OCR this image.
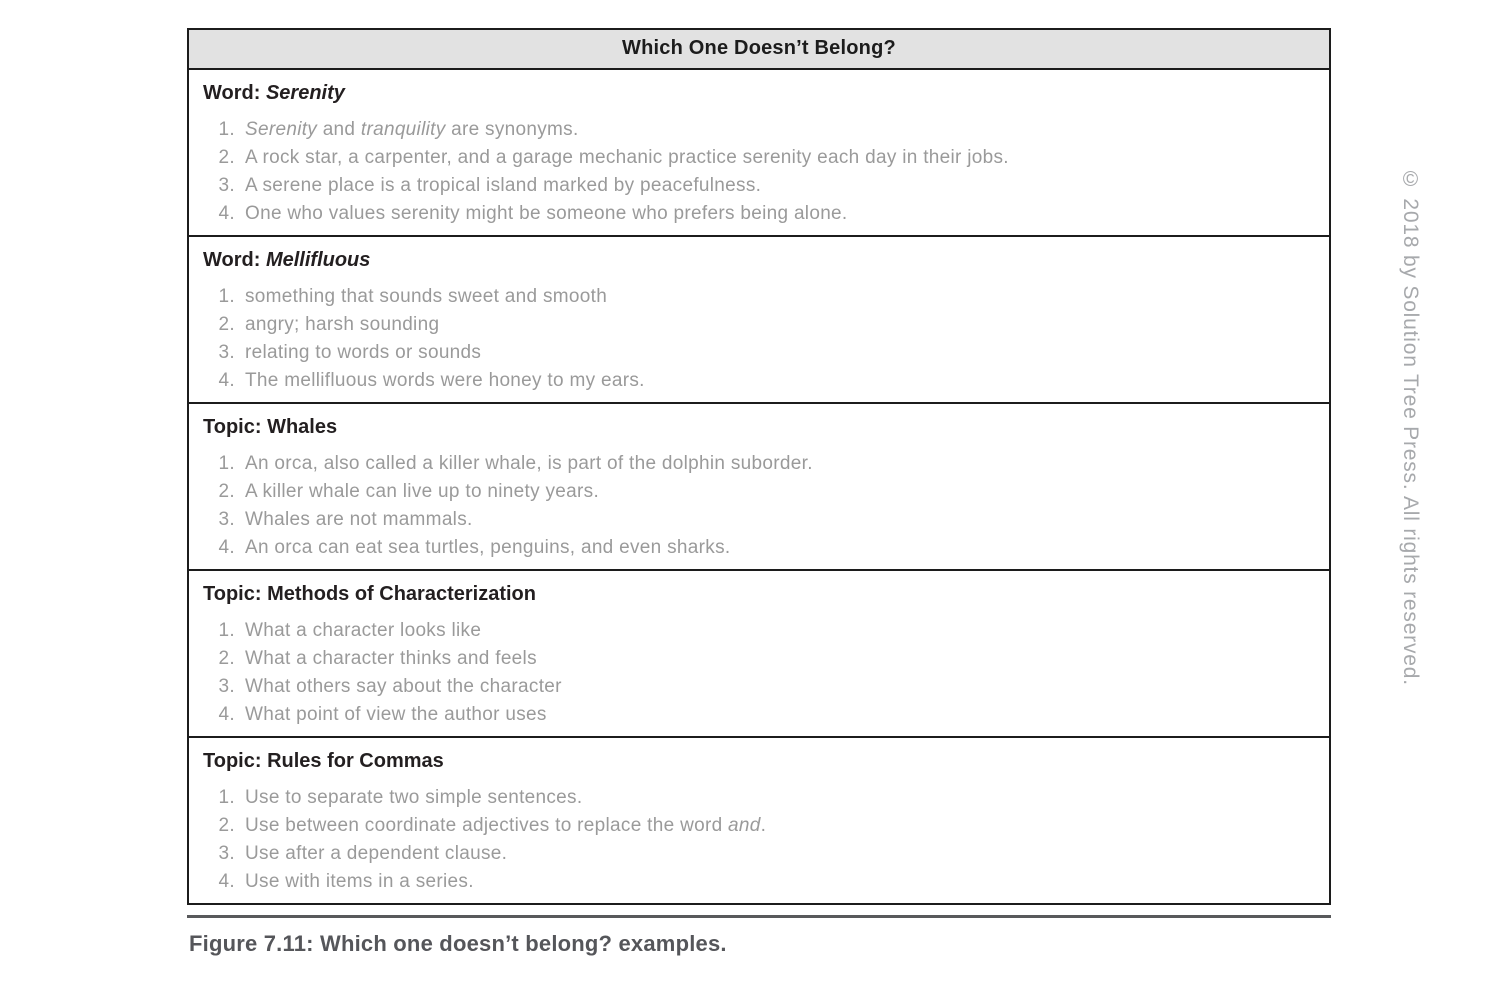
Which One Doesn’t Belong?
Word: Serenity
Serenity and tranquility are synonyms.
A rock star, a carpenter, and a garage mechanic practice serenity each day in their jobs.
A serene place is a tropical island marked by peacefulness.
One who values serenity might be someone who prefers being alone.
Word: Mellifluous
something that sounds sweet and smooth
angry; harsh sounding
relating to words or sounds
The mellifluous words were honey to my ears.
Topic: Whales
An orca, also called a killer whale, is part of the dolphin suborder.
A killer whale can live up to ninety years.
Whales are not mammals.
An orca can eat sea turtles, penguins, and even sharks.
Topic: Methods of Characterization
What a character looks like
What a character thinks and feels
What others say about the character
What point of view the author uses
Topic: Rules for Commas
Use to separate two simple sentences.
Use between coordinate adjectives to replace the word and.
Use after a dependent clause.
Use with items in a series.

Figure 7.11: Which one doesn’t belong? examples.

© 2018 by Solution Tree Press. All rights reserved.
